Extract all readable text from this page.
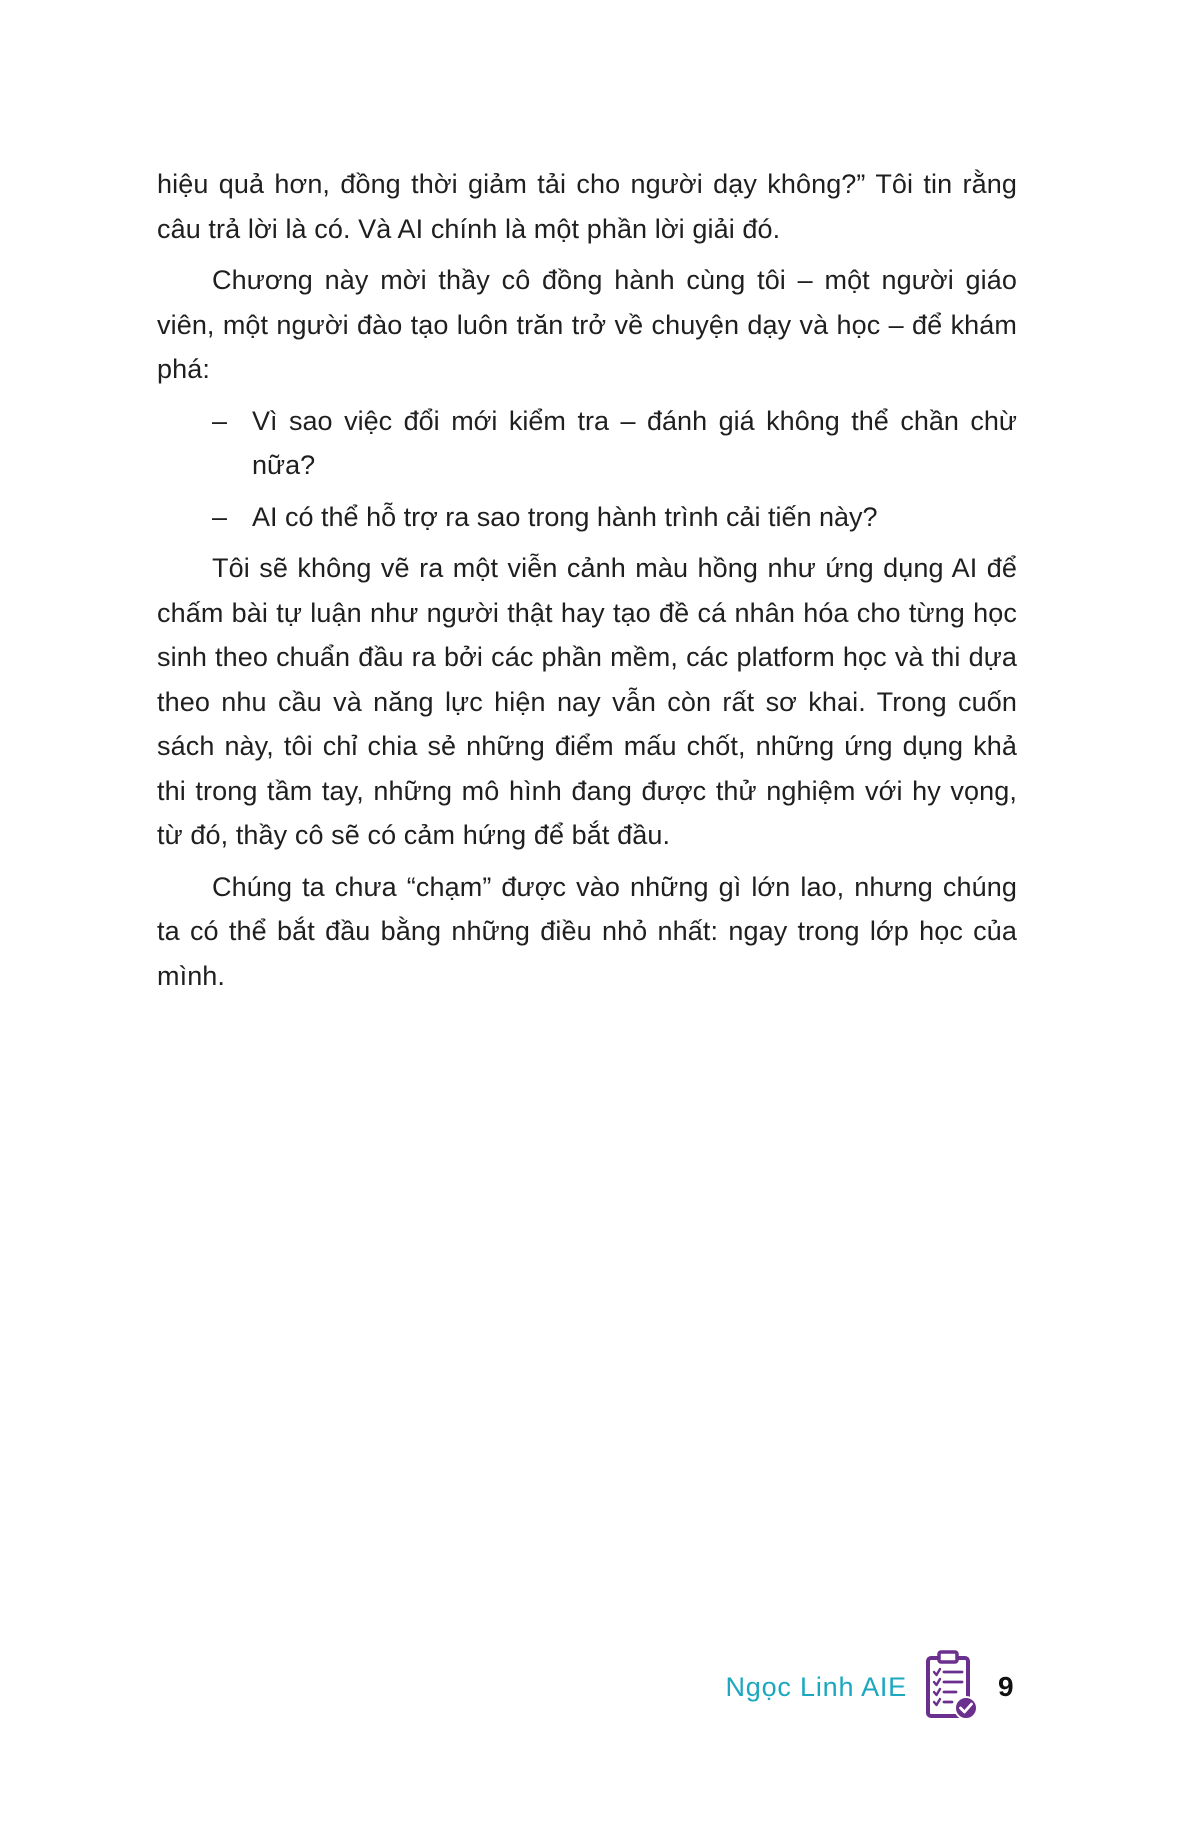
hiệu quả hơn, đồng thời giảm tải cho người dạy không?” Tôi tin rằng câu trả lời là có. Và AI chính là một phần lời giải đó.

Chương này mời thầy cô đồng hành cùng tôi – một người giáo viên, một người đào tạo luôn trăn trở về chuyện dạy và học – để khám phá:

– Vì sao việc đổi mới kiểm tra – đánh giá không thể chần chừ nữa?
– AI có thể hỗ trợ ra sao trong hành trình cải tiến này?

Tôi sẽ không vẽ ra một viễn cảnh màu hồng như ứng dụng AI để chấm bài tự luận như người thật hay tạo đề cá nhân hóa cho từng học sinh theo chuẩn đầu ra bởi các phần mềm, các platform học và thi dựa theo nhu cầu và năng lực hiện nay vẫn còn rất sơ khai. Trong cuốn sách này, tôi chỉ chia sẻ những điểm mấu chốt, những ứng dụng khả thi trong tầm tay, những mô hình đang được thử nghiệm với hy vọng, từ đó, thầy cô sẽ có cảm hứng để bắt đầu.

Chúng ta chưa “chạm” được vào những gì lớn lao, nhưng chúng ta có thể bắt đầu bằng những điều nhỏ nhất: ngay trong lớp học của mình.

Ngọc Linh AIE	9
